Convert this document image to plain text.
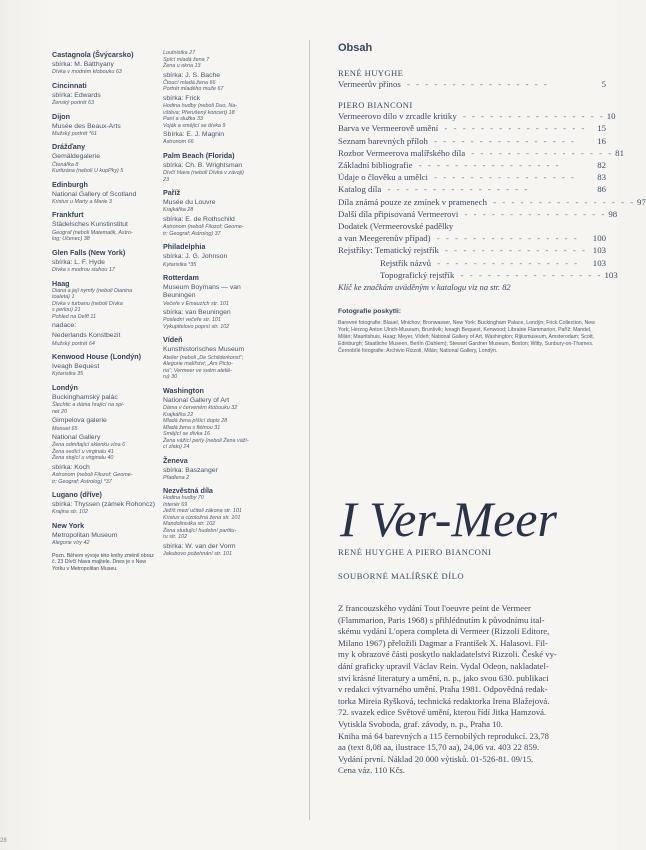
Castagnola (Švýcarsko)
sbírka: M. Batthyany
Dívka v modrém klobouku 63
Cincinnati
sbírka: Edwards
Ženský portrét 63
Dijon
Musée des Beaux-Arts
Mužský portrét *61
Drážďany
Gemäldegalerie
Čtenářka 8
Kurtizána (neboli U kupPky) 5
Edinburgh
National Gallery of Scotland
Kristus u Marty a Marie 3
Frankfurt
Städelsches Kunstinstitut
Geograf (neboli Matematik, Astro-
log; Učenec) 38
Glen Falls (New York)
sbírka: L. F. Hyde
Dívka s modrou stuhou 17
Haag
Diana a její nymfy (neboli Dianina
toaleta) 1
Dívka v turbanu (neboli Dívka
s perlou) 21
Pohled na Delft 11
nadace:
Nederlands Konstbezit
Mužský portrét 64
Kenwood House (Londýn)
Iveagh Bequest
Kytaristka 35
Londýn
Buckinghamský palác
Šlechtic a dáma hrající na spi-
net 20
Gimpelova galerie
Menuet 65
National Gallery
Žena odmítající sklenku vína 6
Žena sedící u virginalu 41
Žena stojící u virginalu 40
sbírka: Koch
Astronom (neboli Filozof; Geome-
tr; Geograf; Astrolog) *37
Lugano (dříve)
sbírka: Thyssen (zámek Rohoncz)
Krajina str. 102
New York
Metropolitan Museum
Alegorie víry 42
Pozn. Během vývoje této knihy změnil obraz č. 23 Dívčí hlava majitele. Dnes je v New Yorku v Metropolitan Museu.
Loutnistka 27
Spící mladá žena 7
Žena u okna 13
sbírka: J. S. Bache
Čtoucí mladá žena 66
Portrét mladého muže 67
sbírka: Frick
Hodina hudby (neboli Duo, Na-
vštěva; Přerušený koncert) 18
Paní a služka 33
Voják a smějící se dívka 9
Sbírka: E. J. Magnin
Astronom 66
Palm Beach (Florida)
sbírka: Ch. B. Wrightsman
Dívčí hlava (neboli Dívka v závoji)
23
Paříž
Musée du Louvre
Krajkářka 28
sbírka: E. de Rothschild
Astronom (neboli Filozof; Geome-
tr; Geograf; Astrolog) 37
Philadelphia
sbírka: J. G. Johnson
Kytaristka *35
Rotterdam
Museum Boymans — van Beuningen
Večeře v Emauzích str. 101
sbírka: van Beuningen
Poslední večeře str. 101
Vykupitelovo poprsí str. 102
Vídeň
Kunsthistorisches Museum
Atelier (neboli „De Schilderkonst“;
Alegorie malířství; „Ars Picto-
ria“; Vermeer ve svém ateliě-
ru) 30
Washington
National Gallery of Art
Dáma v červeném klobouku 32
Krajkářka 22
Mladá žena píšící dopis 28
Mladá žena s flétnou 31
Smějící se dívka 16
Žena vážící perly (neboli Žena váží-
cí zlato) 24
Ženeva
sbírka: Baszanger
Přadlena 2
Nezvěstná díla
Hodina hudby 70
Interiér 69
Ježíš mezi učiteli zákona str. 101
Kristus a cizoložná žena str. 101
Mandolinistka str. 102
Žena studující hudební partitu-
ru str. 102
sbírka: W. van der Vorm
Jakubovo požehnání str. 101
Obsah
RENÉ HUYGHE
Vermeerův přínos ‑ ‑ ‑ ‑ ‑ ‑ ‑ ‑ ‑ ‑ ‑ ‑ ‑ ‑ ‑ ‑	5
PIERO BIANCONI
Vermeerovo dílo v zrcadle kritiky ‑ ‑ ‑ ‑ ‑ ‑ ‑ ‑ ‑ ‑ ‑ ‑ ‑ ‑ ‑ ‑ 10
Barva ve Vermeerově umění ‑ ‑ ‑ ‑ ‑ ‑ ‑ ‑ ‑ ‑ ‑ ‑ ‑ ‑ ‑ ‑	15
Seznam barevných příloh ‑ ‑ ‑ ‑ ‑ ‑ ‑ ‑ ‑ ‑ ‑ ‑ ‑ ‑ ‑ ‑	16
Rozbor Vermeerova malířského díla ‑ ‑ ‑ ‑ ‑ ‑ ‑ ‑ ‑ ‑ ‑ ‑ ‑ ‑ ‑ ‑ 81
Základní bibliografie ‑ ‑ ‑ ‑ ‑ ‑ ‑ ‑ ‑ ‑ ‑ ‑ ‑ ‑ ‑ ‑	82
Údaje o člověku a umělci ‑ ‑ ‑ ‑ ‑ ‑ ‑ ‑ ‑ ‑ ‑ ‑ ‑ ‑ ‑ ‑	83
Katalog díla ‑ ‑ ‑ ‑ ‑ ‑ ‑ ‑ ‑ ‑ ‑ ‑ ‑ ‑ ‑ ‑	86
Díla známá pouze ze zmínek v pramenech ‑ ‑ ‑ ‑ ‑ ‑ ‑ ‑ ‑ ‑ ‑ ‑ ‑ ‑ ‑ ‑ 97
Další díla připisovaná Vermeerovi ‑ ‑ ‑ ‑ ‑ ‑ ‑ ‑ ‑ ‑ ‑ ‑ ‑ ‑ ‑ ‑ 98
Dodatek (Vermeerovské padělky
a van Meegerenův případ) ‑ ‑ ‑ ‑ ‑ ‑ ‑ ‑ ‑ ‑ ‑ ‑ ‑ ‑ ‑ ‑	100
Rejstříky: Tematický rejstřík ‑ ‑ ‑ ‑ ‑ ‑ ‑ ‑ ‑ ‑ ‑ ‑ ‑ ‑ ‑ ‑ 103
Rejstřík názvů ‑ ‑ ‑ ‑ ‑ ‑ ‑ ‑ ‑ ‑ ‑ ‑ ‑ ‑ ‑ ‑	103
Topografický rejstřík ‑ ‑ ‑ ‑ ‑ ‑ ‑ ‑ ‑ ‑ ‑ ‑ ‑ ‑ ‑ ‑ 103
Klíč ke značkám uváděným v katalogu viz na str. 82
Fotografie poskytli:
Barevné fotografie: Blauel, Mnichov; Bronwasser, New York; Buckingham Palace, Londýn; Frick Collection, New York; Herzog Anton Ulrich-Museum, Brunšvik; Iveagh Bequest, Kenwood; Librairie Flammarion, Paříž; Mandel, Milán; Mauritshuis, Haag; Meyer, Vídeň; National Gallery of Art, Washington; Rijksmuseum, Amsterodam; Scott, Edinburgh; Staatliche Museen, Berlín (Dahlem); Stewart Gardner Museum, Boston; Witty, Sunbury-on-Thames. Černobílé fotografie: Archivio Rizzoli, Milán; National Gallery, Londýn.
I Ver-Meer
RENÉ HUYGHE A PIERO BIANCONI
SOUBORNÉ MALÍŘSKÉ DÍLO
Z francouzského vydání Tout l'oeuvre peint de Vermeer
(Flammarion, Paris 1968) s přihlédnutím k původnímu ital-
skému vydání L'opera completa di Vermeer (Rizzoli Editore,
Milano 1967) přeložili Dagmar a František X. Halasovi. Fil-
my k obrazové části poskytlo nakladatelství Rizzoli. České vy-
dání graficky upravil Václav Rein. Vydal Odeon, nakladatel-
ství krásné literatury a umění, n. p., jako svou 630. publikaci
v redakci výtvarného umění. Praha 1981. Odpovědná redak-
torka Mireia Ryšková, technická redaktorka Irena Blažejová.
72. svazek edice Světové umění, kterou řídí Jitka Hamzová.
Vytiskla Svoboda, graf. závody, n. p., Praha 10.
Kniha má 64 barevných a 115 černobílých reprodukcí. 23,78
aa (text 8,08 aa, ilustrace 15,70 aa), 24,06 va. 403 22 859.
Vydání první. Náklad 20 000 výtisků. 01-526-81. 09/15.
Cena váz. 110 Kčs.
28
